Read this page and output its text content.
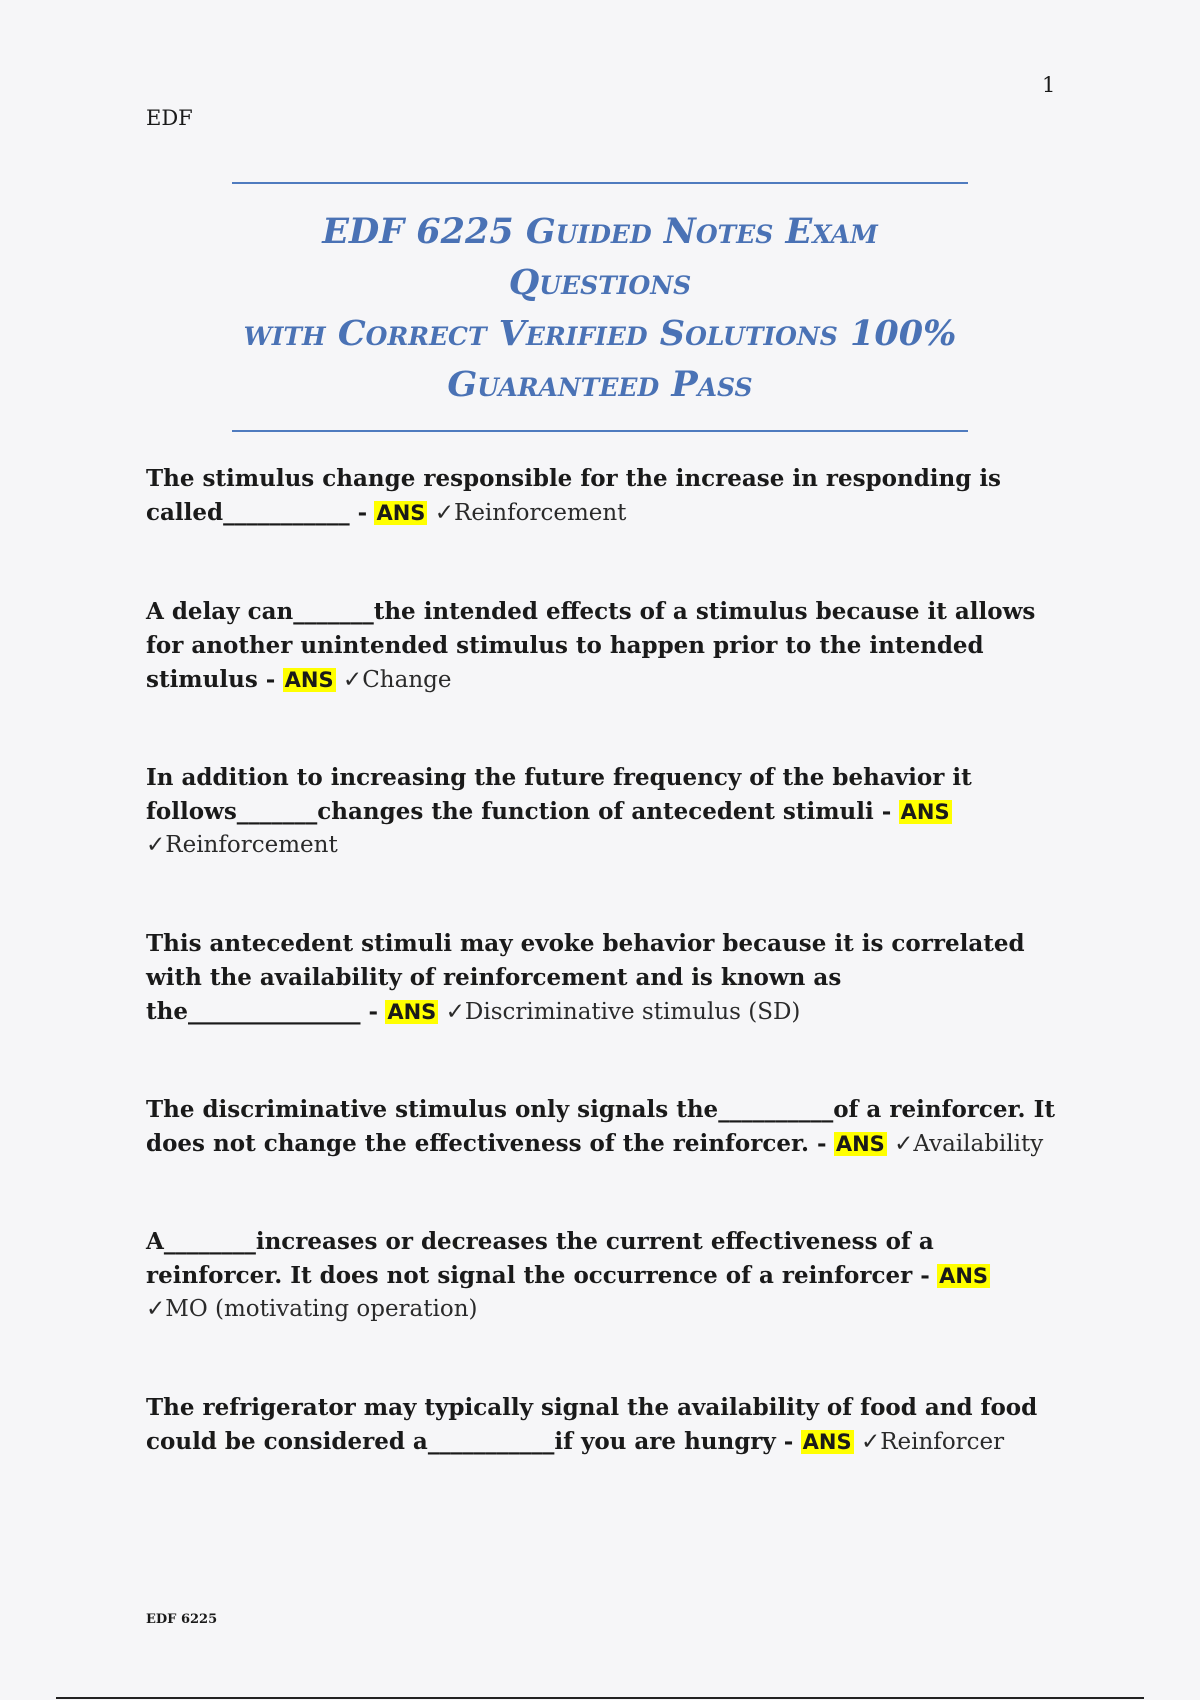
1
EDF
EDF 6225 Guided Notes Exam Questions
with Correct Verified Solutions 100%
Guaranteed Pass
The stimulus change responsible for the increase in responding is called___________ - ANS ✓Reinforcement
A delay can_______the intended effects of a stimulus because it allows for another unintended stimulus to happen prior to the intended stimulus - ANS ✓Change
In addition to increasing the future frequency of the behavior it follows_______changes the function of antecedent stimuli - ANS ✓Reinforcement
This antecedent stimuli may evoke behavior because it is correlated with the availability of reinforcement and is known as the_______________ - ANS ✓Discriminative stimulus (SD)
The discriminative stimulus only signals the__________of a reinforcer. It does not change the effectiveness of the reinforcer. - ANS ✓Availability
A________increases or decreases the current effectiveness of a reinforcer. It does not signal the occurrence of a reinforcer - ANS ✓MO (motivating operation)
The refrigerator may typically signal the availability of food and food could be considered a___________if you are hungry - ANS ✓Reinforcer
EDF 6225
